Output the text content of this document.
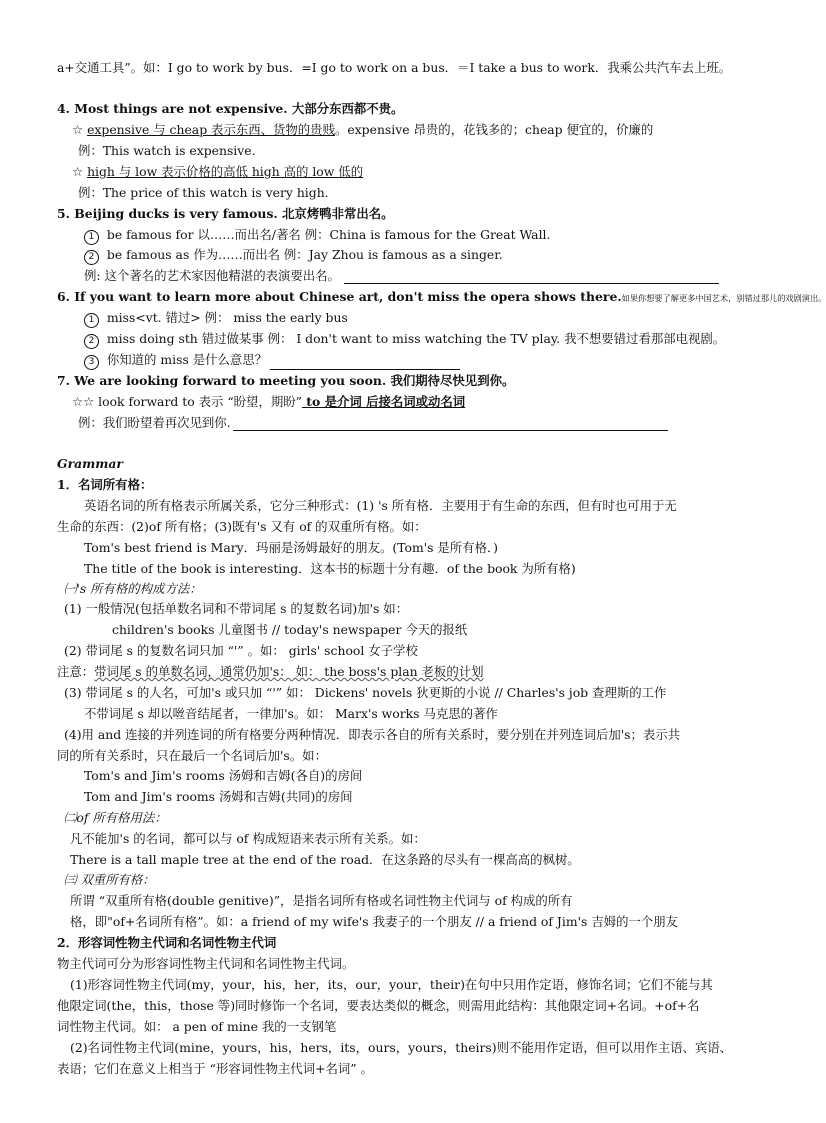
a+交通工具”。如：I go to work by bus．=I go to work on a bus．＝I take a bus to work．我乘公共汽车去上班。
4. Most things are not expensive. 大部分东西都不贵。
☆ expensive 与 cheap 表示东西、货物的贵贱。expensive 昂贵的，花钱多的；cheap 便宜的，价廉的
例：This watch is expensive.
☆ high 与 low 表示价格的高低 high 高的 low 低的
例：The price of this watch is very high.
5. Beijing ducks is very famous. 北京烤鸭非常出名。
1 be famous for 以……而出名/著名 例：China is famous for the Great Wall.
2 be famous as 作为……而出名 例：Jay Zhou is famous as a singer.
例: 这个著名的艺术家因他精湛的表演要出名。
6. If you want to learn more about Chinese art, don't miss the opera shows there.如果你想要了解更多中国艺术，别错过那儿的戏剧演出。
1 miss<vt. 错过> 例： miss the early bus
2 miss doing sth 错过做某事 例： I don't want to miss watching the TV play. 我不想要错过看那部电视剧。
3 你知道的 miss 是什么意思？
7. We are looking forward to meeting you soon. 我们期待尽快见到你。
☆☆ look forward to 表示 “盼望，期盼” to 是介词 后接名词或动名词
例：我们盼望着再次见到你.
Grammar
1．名词所有格：
英语名词的所有格表示所属关系，它分三种形式：(1) 's 所有格．主要用于有生命的东西，但有时也可用于无
生命的东西：(2)of 所有格；(3)既有's 又有 of 的双重所有格。如：
Tom's best friend is Mary．玛丽是汤姆最好的朋友。(Tom's 是所有格．)
The title of the book is interesting．这本书的标题十分有趣．of the book 为所有格)
㈠'s 所有格的构成方法：
(1) 一般情况(包括单数名词和不带词尾 s 的复数名词)加's 如：
children's books 儿童图书 // today's newspaper 今天的报纸
(2) 带词尾 s 的复数名词只加 “'” 。如： girls' school 女子学校
注意：带词尾 s 的单数名词，通常仍加's： 如： the boss's plan 老板的计划
(3) 带词尾 s 的人名，可加's 或只加 “'” 如： Dickens' novels 狄更斯的小说 // Charles's job 查理斯的工作
不带词尾 s 却以咝音结尾者，一律加's。如： Marx's works 马克思的著作
(4)用 and 连接的并列连词的所有格要分两种情况．即表示各自的所有关系时，要分别在并列连词后加's；表示共
同的所有关系时，只在最后一个名词后加's。如：
Tom's and Jim's rooms 汤姆和吉姆(各自)的房间
Tom and Jim's rooms 汤姆和吉姆(共同)的房间
㈡of 所有格用法：
凡不能加's 的名词，都可以与 of 构成短语来表示所有关系。如：
There is a tall maple tree at the end of the road．在这条路的尽头有一棵高高的枫树。
㈢ 双重所有格：
所谓 “双重所有格(double genitive)”，是指名词所有格或名词性物主代词与 of 构成的所有
格，即"of+名词所有格”。如：a friend of my wife's 我妻子的一个朋友 // a friend of Jim's 吉姆的一个朋友
2．形容词性物主代词和名词性物主代词
物主代词可分为形容词性物主代词和名词性物主代词。
(1)形容词性物主代词(my，your，his，her，its，our，your，their)在句中只用作定语，修饰名词；它们不能与其
他限定词(the，this，those 等)同时修饰一个名词，要表达类似的概念，则需用此结构：其他限定词+名词。+of+名
词性物主代词。如： a pen of mine 我的一支钢笔
(2)名词性物主代词(mine，yours，his，hers，its，ours，yours，theirs)则不能用作定语，但可以用作主语、宾语、
表语；它们在意义上相当于 “形容词性物主代词+名词” 。
